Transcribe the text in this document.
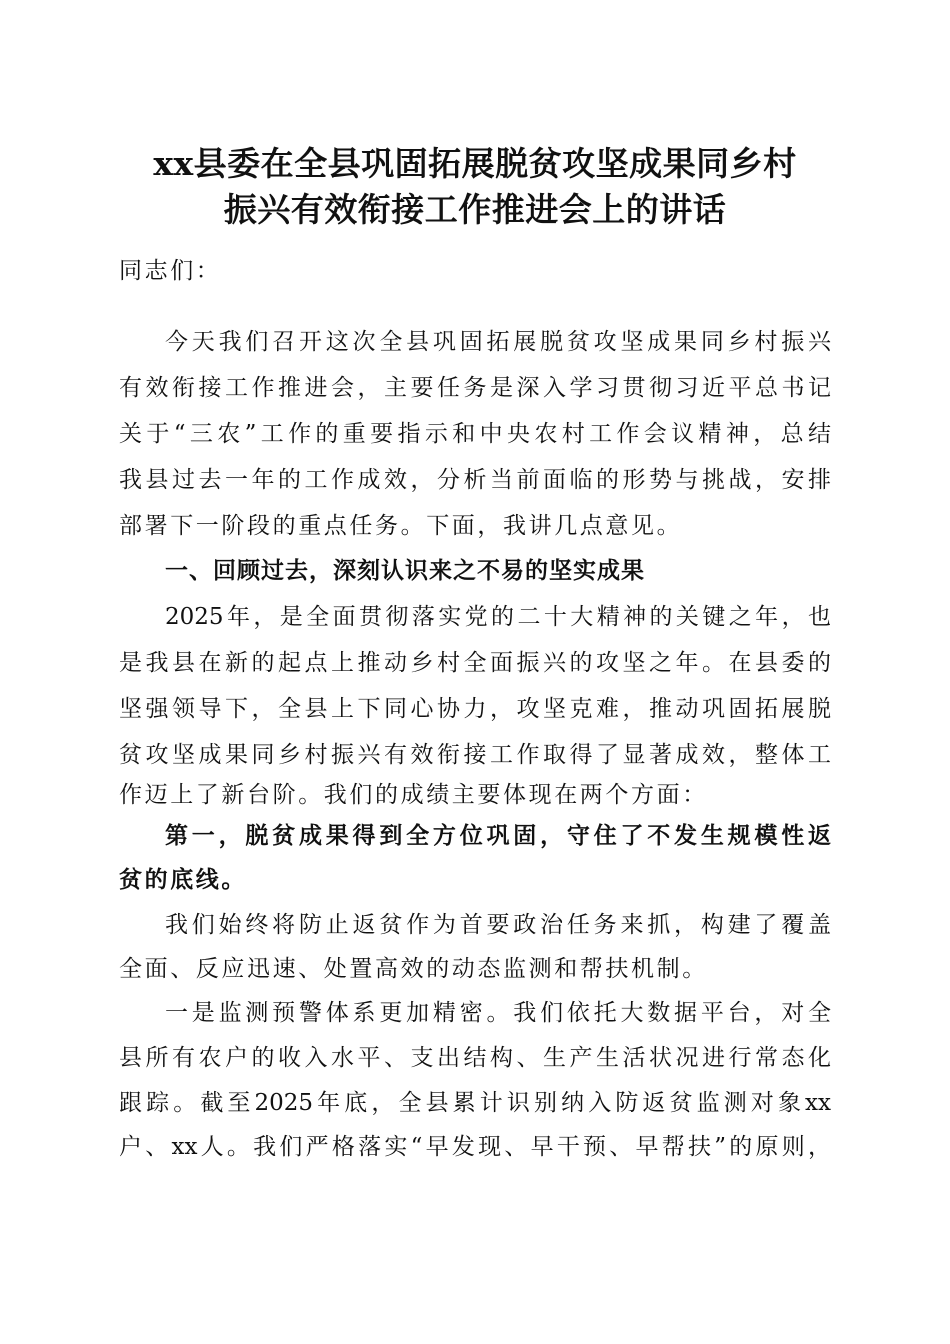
xx县委在全县巩固拓展脱贫攻坚成果同乡村
振兴有效衔接工作推进会上的讲话
同志们：
今天我们召开这次全县巩固拓展脱贫攻坚成果同乡村振兴
有效衔接工作推进会，主要任务是深入学习贯彻习近平总书记
关于“三农”工作的重要指示和中央农村工作会议精神，总结
我县过去一年的工作成效，分析当前面临的形势与挑战，安排
部署下一阶段的重点任务。下面，我讲几点意见。
一、回顾过去，深刻认识来之不易的坚实成果
2025年，是全面贯彻落实党的二十大精神的关键之年，也
是我县在新的起点上推动乡村全面振兴的攻坚之年。在县委的
坚强领导下，全县上下同心协力，攻坚克难，推动巩固拓展脱
贫攻坚成果同乡村振兴有效衔接工作取得了显著成效，整体工
作迈上了新台阶。我们的成绩主要体现在两个方面：
第一，脱贫成果得到全方位巩固，守住了不发生规模性返
贫的底线。
我们始终将防止返贫作为首要政治任务来抓，构建了覆盖
全面、反应迅速、处置高效的动态监测和帮扶机制。
一是监测预警体系更加精密。我们依托大数据平台，对全
县所有农户的收入水平、支出结构、生产生活状况进行常态化
跟踪。截至2025年底，全县累计识别纳入防返贫监测对象xx
户、xx人。我们严格落实“早发现、早干预、早帮扶”的原则，
